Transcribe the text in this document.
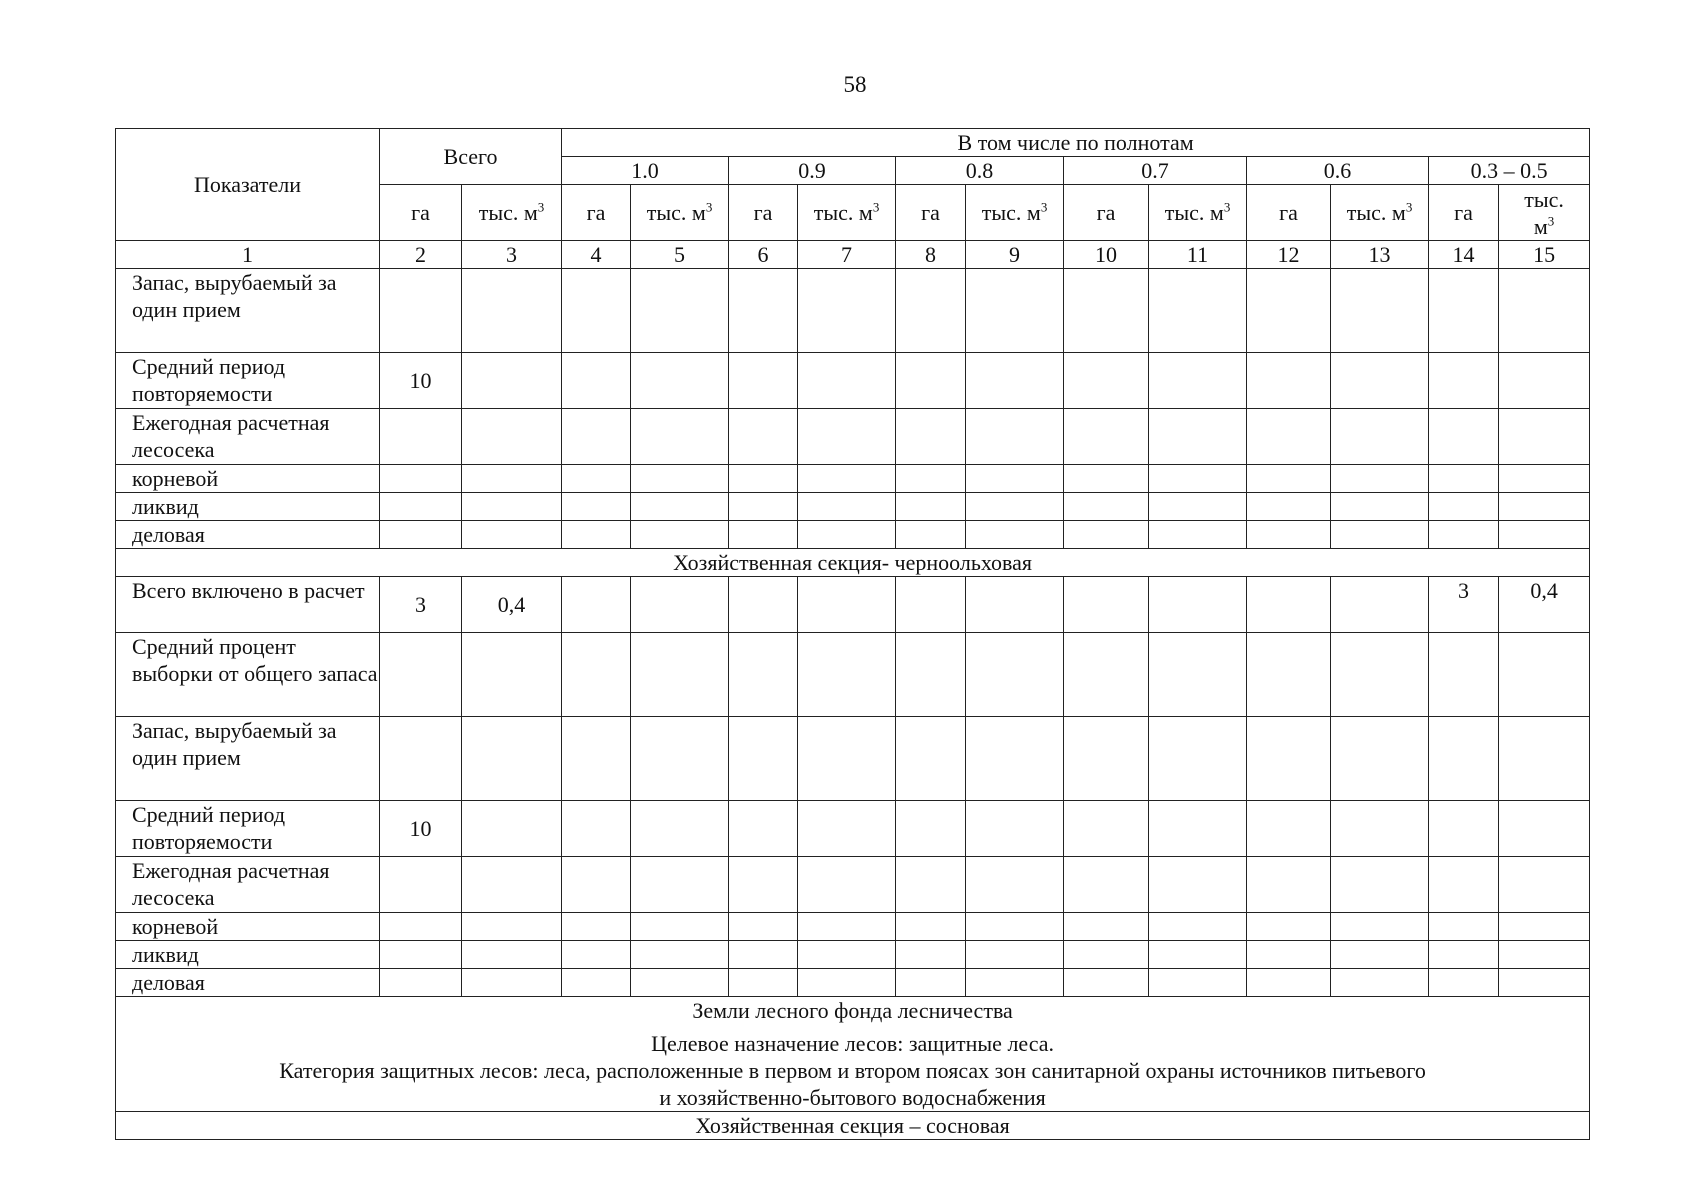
58
Показатели	Всего		В том числе по полнотам											
			1.0		0.9		0.8		0.7		0.6		0.3 – 0.5	
	га	тыс. $м^3$	га	тыс. $м^3$	га	тыс. $м^3$	га	тыс. $м^3$	га	тыс. $м^3$	га	тыс. $м^3$	га	тыс.
$м^3$
1	2	3	4	5	6	7	8	9	10	11	12	13	14	15
Запас, вырубаемый за один прием														
Средний период повторяемости	10													
Ежегодная расчетная лесосека														
корневой														
ликвид														
деловая														
Хозяйственная секция- черноольховая														
Всего включено в расчет	3	0,4											3	0,4
Средний процент выборки от общего запаса														
Запас, вырубаемый за один прием														
Средний период повторяемости	10													
Ежегодная расчетная лесосека														
корневой														
ликвид														
деловая														

Земли лесного фонда лесничества
Целевое назначение лесов: защитные леса.
Категория защитных лесов: леса, расположенные в первом и втором поясах зон санитарной охраны источников питьевого
и хозяйственно-бытового водоснабжения														

Хозяйственная секция – сосновая														
